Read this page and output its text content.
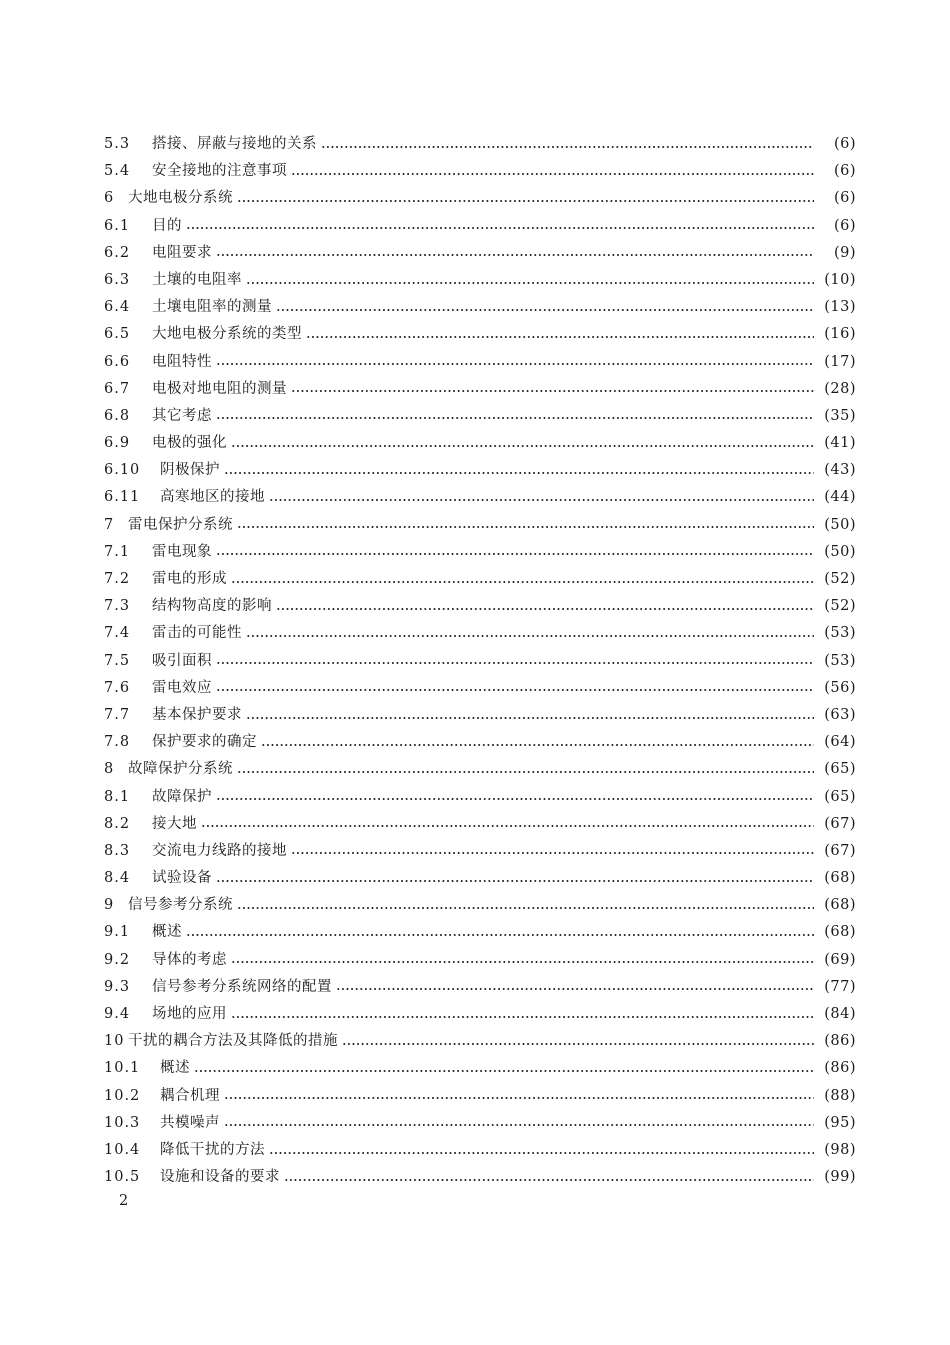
5.3	搭接、屏蔽与接地的关系	(6)
5.4	安全接地的注意事项	(6)
6 大地电极分系统	(6)
6.1	目的	(6)
6.2	电阻要求	(9)
6.3	土壤的电阻率	(10)
6.4	土壤电阻率的测量	(13)
6.5	大地电极分系统的类型	(16)
6.6	电阻特性	(17)
6.7	电极对地电阻的测量	(28)
6.8	其它考虑	(35)
6.9	电极的强化	(41)
6.10	阴极保护	(43)
6.11	高寒地区的接地	(44)
7 雷电保护分系统	(50)
7.1	雷电现象	(50)
7.2	雷电的形成	(52)
7.3	结构物高度的影响	(52)
7.4	雷击的可能性	(53)
7.5	吸引面积	(53)
7.6	雷电效应	(56)
7.7	基本保护要求	(63)
7.8	保护要求的确定	(64)
8 故障保护分系统	(65)
8.1	故障保护	(65)
8.2	接大地	(67)
8.3	交流电力线路的接地	(67)
8.4	试验设备	(68)
9 信号参考分系统	(68)
9.1	概述	(68)
9.2	导体的考虑	(69)
9.3	信号参考分系统网络的配置	(77)
9.4	场地的应用	(84)
10 干扰的耦合方法及其降低的措施	(86)
10.1	概述	(86)
10.2	耦合机理	(88)
10.3	共模噪声	(95)
10.4	降低干扰的方法	(98)
10.5	设施和设备的要求	(99)
2
